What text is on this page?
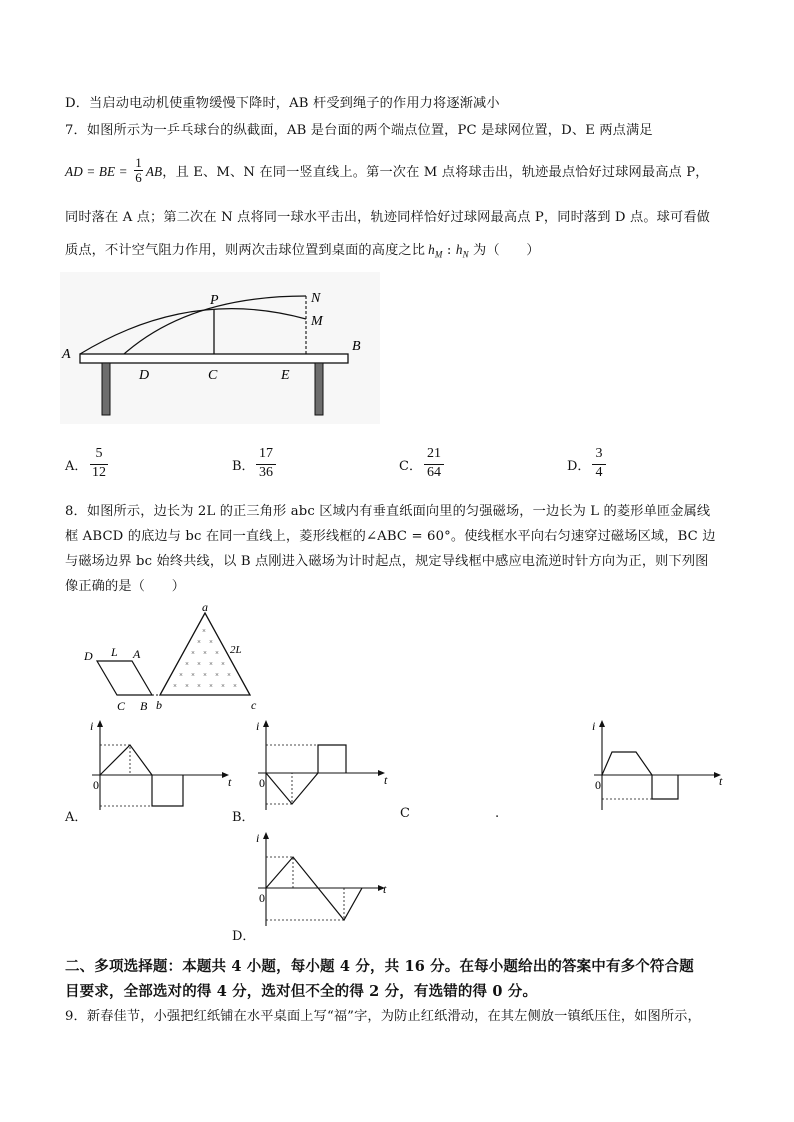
D．当启动电动机使重物缓慢下降时，AB 杆受到绳子的作用力将逐渐减小
7．如图所示为一乒乓球台的纵截面，AB 是台面的两个端点位置，PC 是球网位置，D、E 两点满足
AD = BE = $\frac{1}{6}$ AB，且 E、M、N 在同一竖直线上。第一次在 M 点将球击出，轨迹最点恰好过球网最高点 P，
同时落在 A 点；第二次在 N 点将同一球水平击出，轨迹同样恰好过球网最高点 P，同时落到 D 点。球可看做
质点，不计空气阻力作用，则两次击球位置到桌面的高度之比 $h_M$ : $h_N$ 为（　　）
A
B
C
D	E
P
M
N
A． $\frac{5}{12}$	B． $\frac{17}{36}$	C． $\frac{21}{64}$	D． $\frac{3}{4}$
8．如图所示，边长为 2L 的正三角形 abc 区域内有垂直纸面向里的匀强磁场，一边长为 L 的菱形单匝金属线
框 ABCD 的底边与 bc 在同一直线上，菱形线框的∠ABC = 60°。使线框水平向右匀速穿过磁场区域，BC 边
与磁场边界 bc 始终共线，以 B 点刚进入磁场为计时起点，规定导线框中感应电流逆时针方向为正，则下列图
像正确的是（　　）
×
× ×
× × ×
× × × ×
× × × × ×
× × × × × ×
D L A
C B
a
b	c
2L
i
t
0
i
t
0
i
t
0
A．	B．	C	.
i
t
0
D．
二、多项选择题：本题共 4 小题，每小题 4 分，共 16 分。在每小题给出的答案中有多个符合题
目要求，全部选对的得 4 分，选对但不全的得 2 分，有选错的得 0 分。
9．新春佳节，小强把红纸铺在水平桌面上写“福”字，为防止红纸滑动，在其左侧放一镇纸压住，如图所示，
